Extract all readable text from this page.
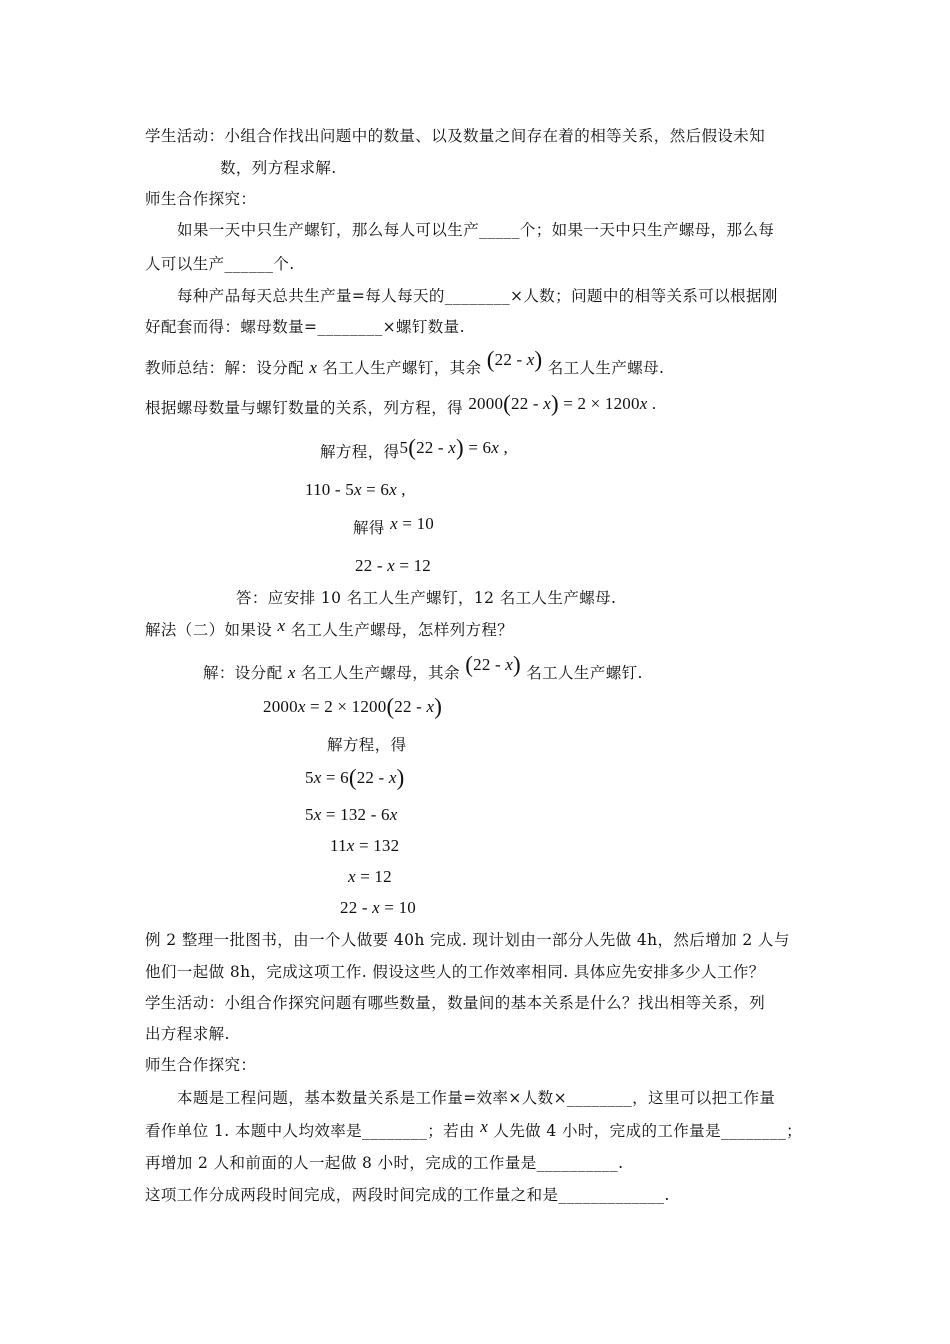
学生活动：小组合作找出问题中的数量、以及数量之间存在着的相等关系，然后假设未知
数，列方程求解.
师生合作探究：
如果一天中只生产螺钉，那么每人可以生产_____个；如果一天中只生产螺母，那么每
人可以生产______个.
每种产品每天总共生产量=每人每天的________×人数；问题中的相等关系可以根据刚
好配套而得：螺母数量=________×螺钉数量.
教师总结：解：设分配 x 名工人生产螺钉，其余 (22 - x) 名工人生产螺母.
根据螺母数量与螺钉数量的关系，列方程，得 2000(22 - x) = 2 × 1200x .
解方程，得5(22 - x) = 6x ,
110 - 5x = 6x ,
解得 x = 10
22 - x = 12
答：应安排 10 名工人生产螺钉，12 名工人生产螺母.
解法（二）如果设 x 名工人生产螺母，怎样列方程？
解：设分配 x 名工人生产螺母，其余 (22 - x) 名工人生产螺钉.
2000x = 2 × 1200(22 - x)
解方程，得
5x = 6(22 - x)
5x = 132 - 6x
11x = 132
x = 12
22 - x = 10
例 2 整理一批图书，由一个人做要 40h 完成. 现计划由一部分人先做 4h，然后增加 2 人与
他们一起做 8h，完成这项工作. 假设这些人的工作效率相同. 具体应先安排多少人工作？
学生活动：小组合作探究问题有哪些数量，数量间的基本关系是什么？找出相等关系，列
出方程求解.
师生合作探究：
本题是工程问题，基本数量关系是工作量=效率×人数×________，这里可以把工作量
看作单位 1. 本题中人均效率是________；若由 x 人先做 4 小时，完成的工作量是________；
再增加 2 人和前面的人一起做 8 小时，完成的工作量是__________.
这项工作分成两段时间完成，两段时间完成的工作量之和是_____________.
